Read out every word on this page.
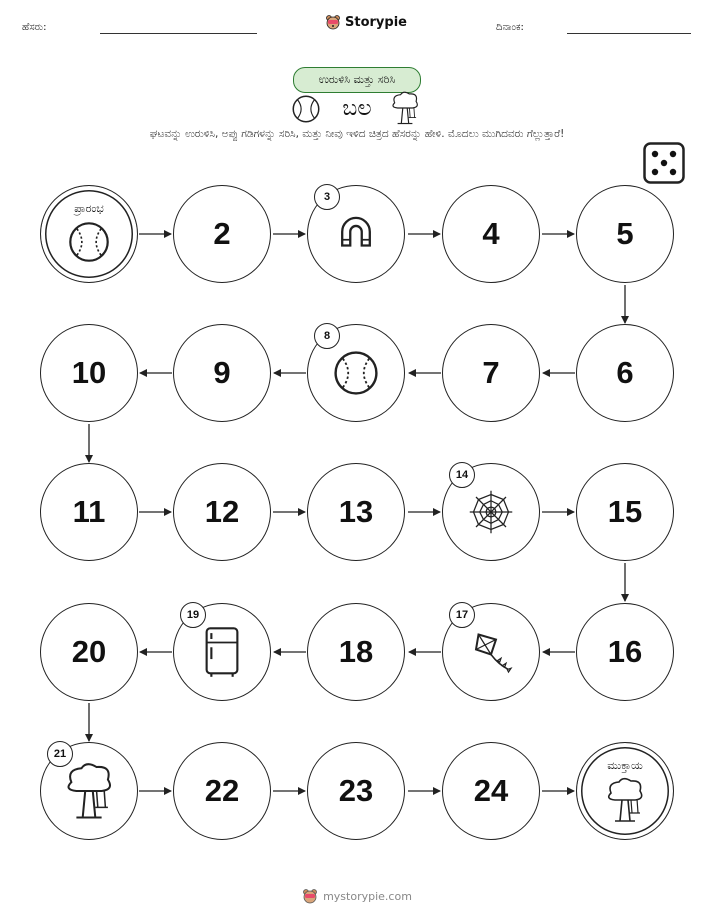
ಹೆಸರು:	Storypie	ದಿನಾಂಕ:
ಉರುಳಿಸಿ ಮತ್ತು ಸರಿಸಿ
ಬಲ
ಘಟವನ್ನು ಉರುಳಿಸಿ, ಅಪ್ಪು ಗಡಿಗಳನ್ನು ಸರಿಸಿ, ಮತ್ತು ನೀವು ಇಳಿದ ಚಿತ್ರದ ಹೆಸರನ್ನು ಹೇಳಿ. ಮೊದಲು ಮುಗಿದವರು ಗೆಲ್ಲುತ್ತಾರೆ!
ಪ್ರಾರಂಭ
2
3
4	5
10	9
8
7	6
11	12	13
14
15
20
19
18
17
16
21
22	23	24
ಮುಕ್ತಾಯ
mystorypie.com
